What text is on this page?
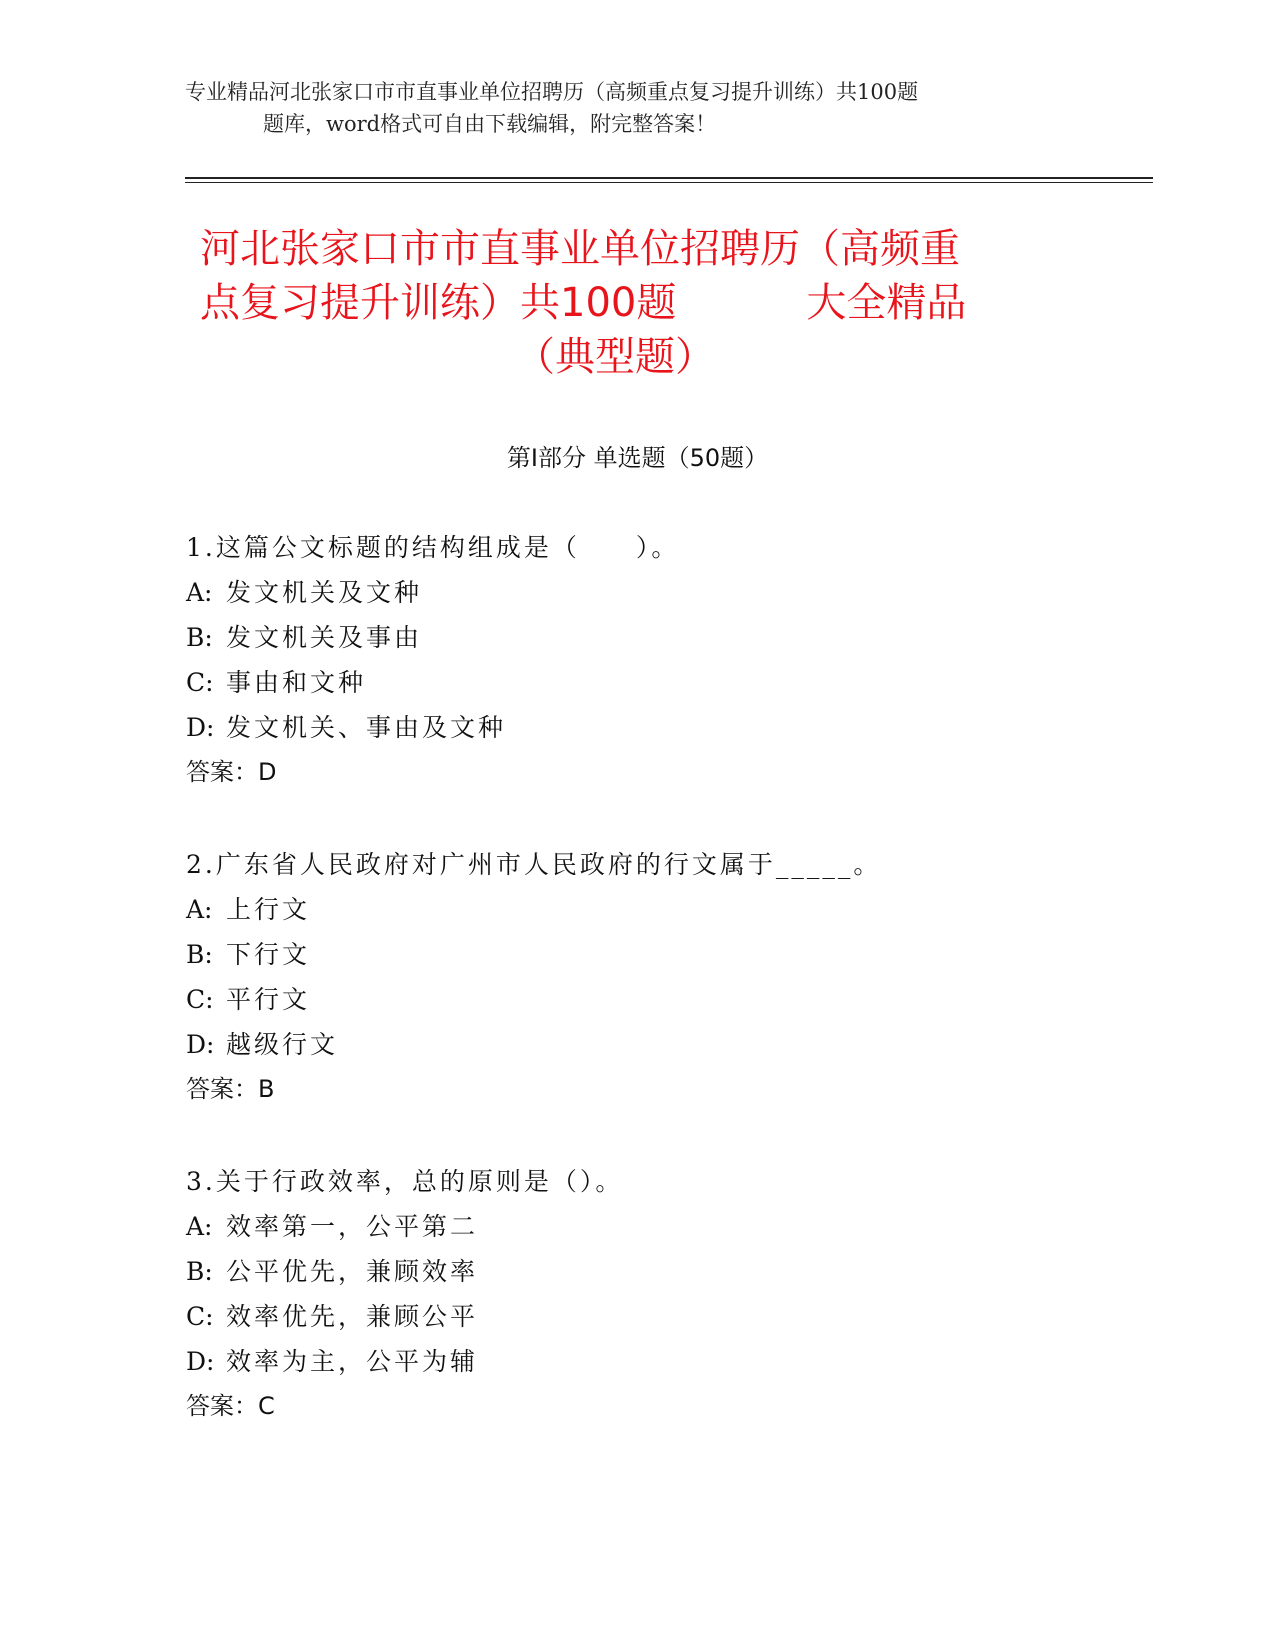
专业精品河北张家口市市直事业单位招聘历（高频重点复习提升训练）共100题
题库，word格式可自由下载编辑，附完整答案！
河北张家口市市直事业单位招聘历（高频重
点复习提升训练）共100题	大全精品
（典型题）
第Ⅰ部分 单选题（50题）
1.这篇公文标题的结构组成是（　　）。
A: 发文机关及文种
B: 发文机关及事由
C: 事由和文种
D: 发文机关、事由及文种
答案：D
2.广东省人民政府对广州市人民政府的行文属于_____。
A: 上行文
B: 下行文
C: 平行文
D: 越级行文
答案：B
3.关于行政效率，总的原则是（）。
A: 效率第一，公平第二
B: 公平优先，兼顾效率
C: 效率优先，兼顾公平
D: 效率为主，公平为辅
答案：C
